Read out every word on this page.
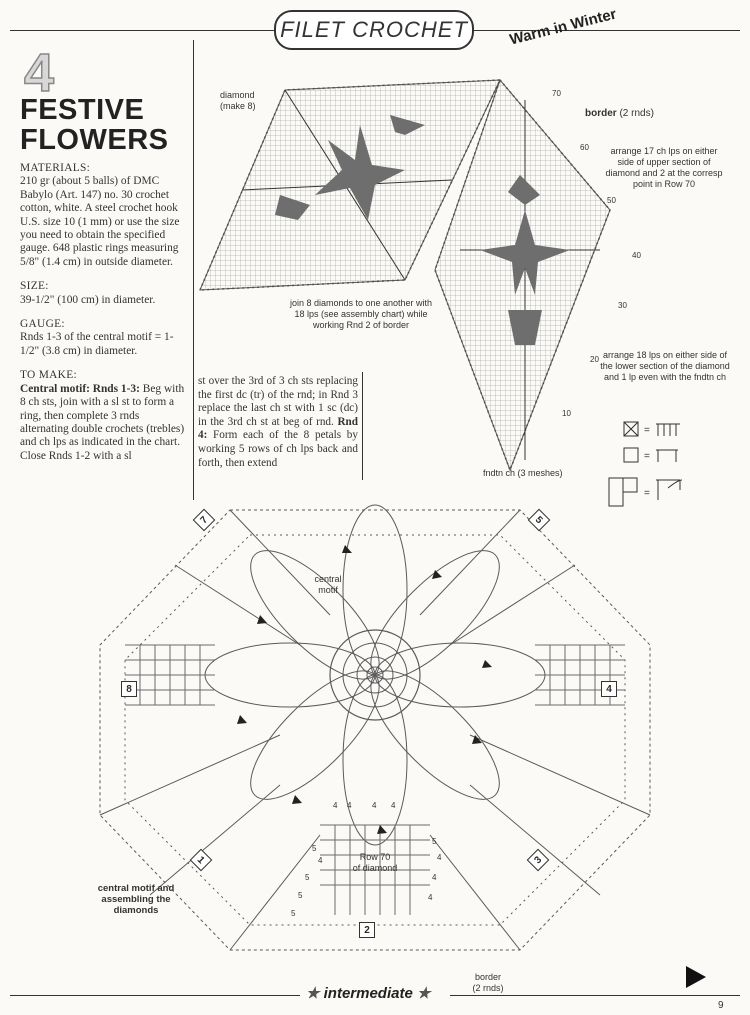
FILET CROCHET	Warm in Winter
4
FESTIVE
FLOWERS

MATERIALS:
210 gr (about 5 balls) of DMC Babylo (Art. 147) no. 30 crochet cotton, white. A steel crochet hook U.S. size 10 (1 mm) or use the size you need to obtain the specified gauge. 648 plastic rings measuring 5/8" (1.4 cm) in outside diameter.

SIZE:
39-1/2" (100 cm) in diameter.

GAUGE:
Rnds 1-3 of the central motif = 1-1/2" (3.8 cm) in diameter.

TO MAKE:
Central motif: Rnds 1-3: Beg with 8 ch sts, join with a sl st to form a ring, then complete 3 rnds alternating double crochets (trebles) and ch lps as indicated in the chart. Close Rnds 1-2 with a sl

st over the 3rd of 3 ch sts replacing the first dc (tr) of the rnd; in Rnd 3 replace the last ch st with 1 sc (dc) in the 3rd ch st at beg of rnd. Rnd 4: Form each of the 8 petals by working 5 rows of ch lps back and forth, then extend
diamond
(make 8)
border (2 rnds)
arrange 17 ch lps on either side of upper section of diamond and 2 at the corresp point in Row 70
join 8 diamonds to one another with 18 lps (see assembly chart) while working Rnd 2 of border
arrange 18 lps on either side of the lower section of the diamond and 1 lp even with the fndtn ch
fndtn ch (3 meshes)
70
60
50
40
30
20
10
=
=
=
7	5
8	4
1	3
2
4 4
5
4
5
5
5
4 4
4
4
4
5
central
motif
Row 70
of diamond
central motif and
assembling the
diamonds
border
(2 rnds)
★ intermediate ★
9
